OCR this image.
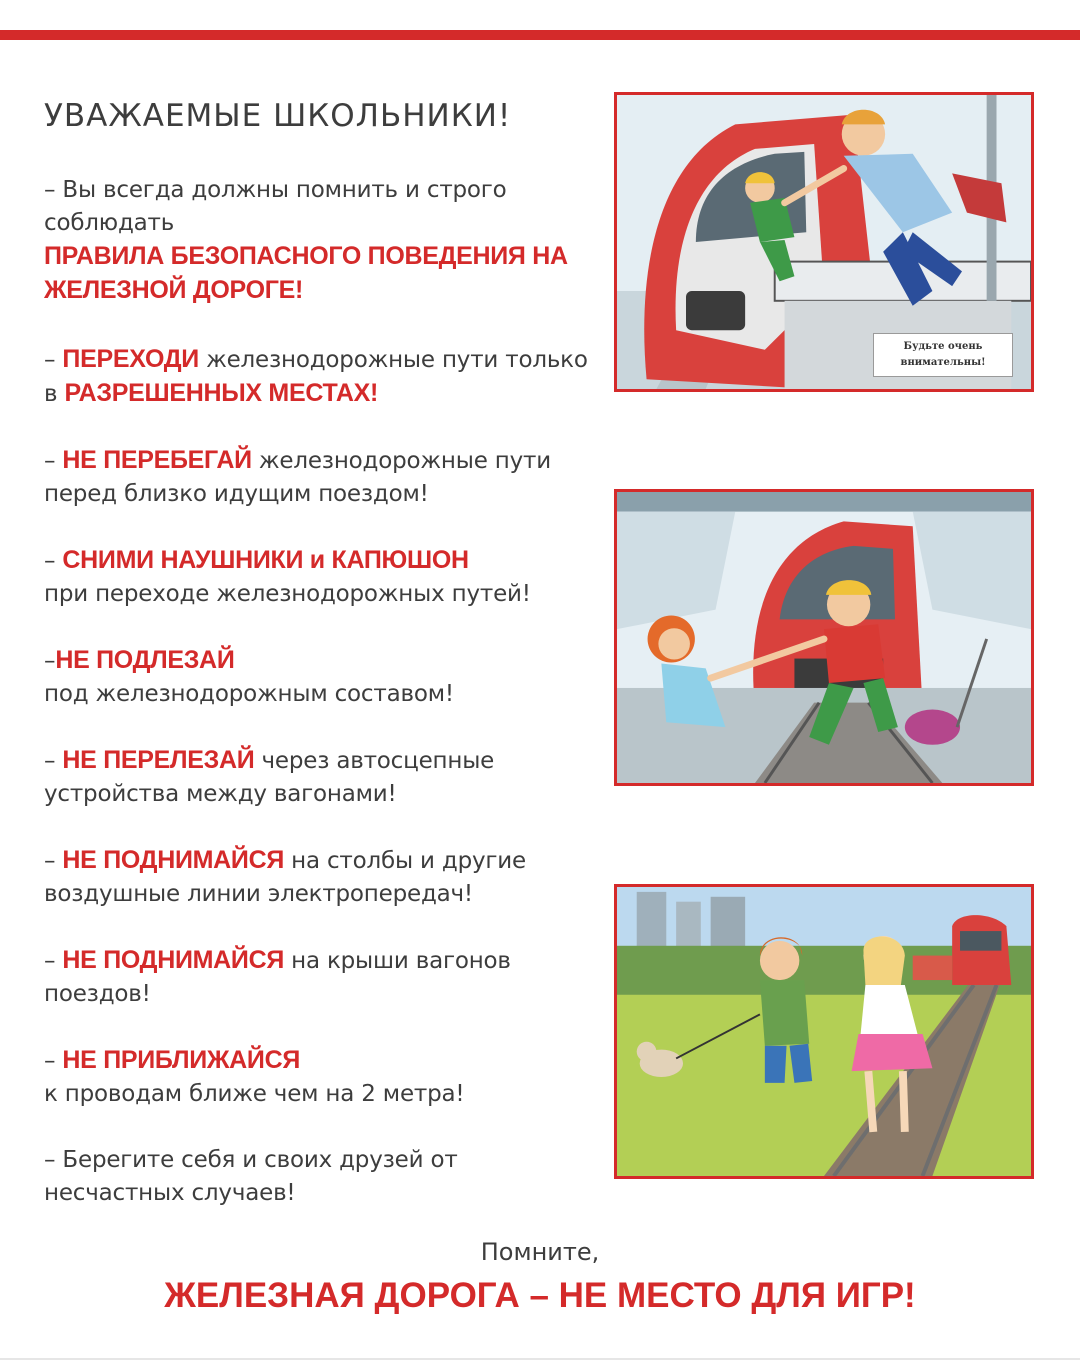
УВАЖАЕМЫЕ ШКОЛЬНИКИ!
– Вы всегда должны помнить и строго соблюдать
ПРАВИЛА БЕЗОПАСНОГО ПОВЕДЕНИЯ НА ЖЕЛЕЗНОЙ ДОРОГЕ!
– ПЕРЕХОДИ железнодорожные пути только в РАЗРЕШЕННЫХ МЕСТАХ!
– НЕ ПЕРЕБЕГАЙ железнодорожные пути перед близко идущим поездом!
– СНИМИ НАУШНИКИ и КАПЮШОН
при переходе железнодорожных путей!
–НЕ ПОДЛЕЗАЙ
под железнодорожным составом!
– НЕ ПЕРЕЛЕЗАЙ через автосцепные устройства между вагонами!
– НЕ ПОДНИМАЙСЯ на столбы и другие воздушные линии электропередач!
– НЕ ПОДНИМАЙСЯ на крыши вагонов поездов!
– НЕ ПРИБЛИЖАЙСЯ
к проводам ближе чем на 2 метра!
– Берегите себя и своих друзей от несчастных случаев!
Будьте очень
внимательны!
Помните,
ЖЕЛЕЗНАЯ ДОРОГА – НЕ МЕСТО ДЛЯ ИГР!
